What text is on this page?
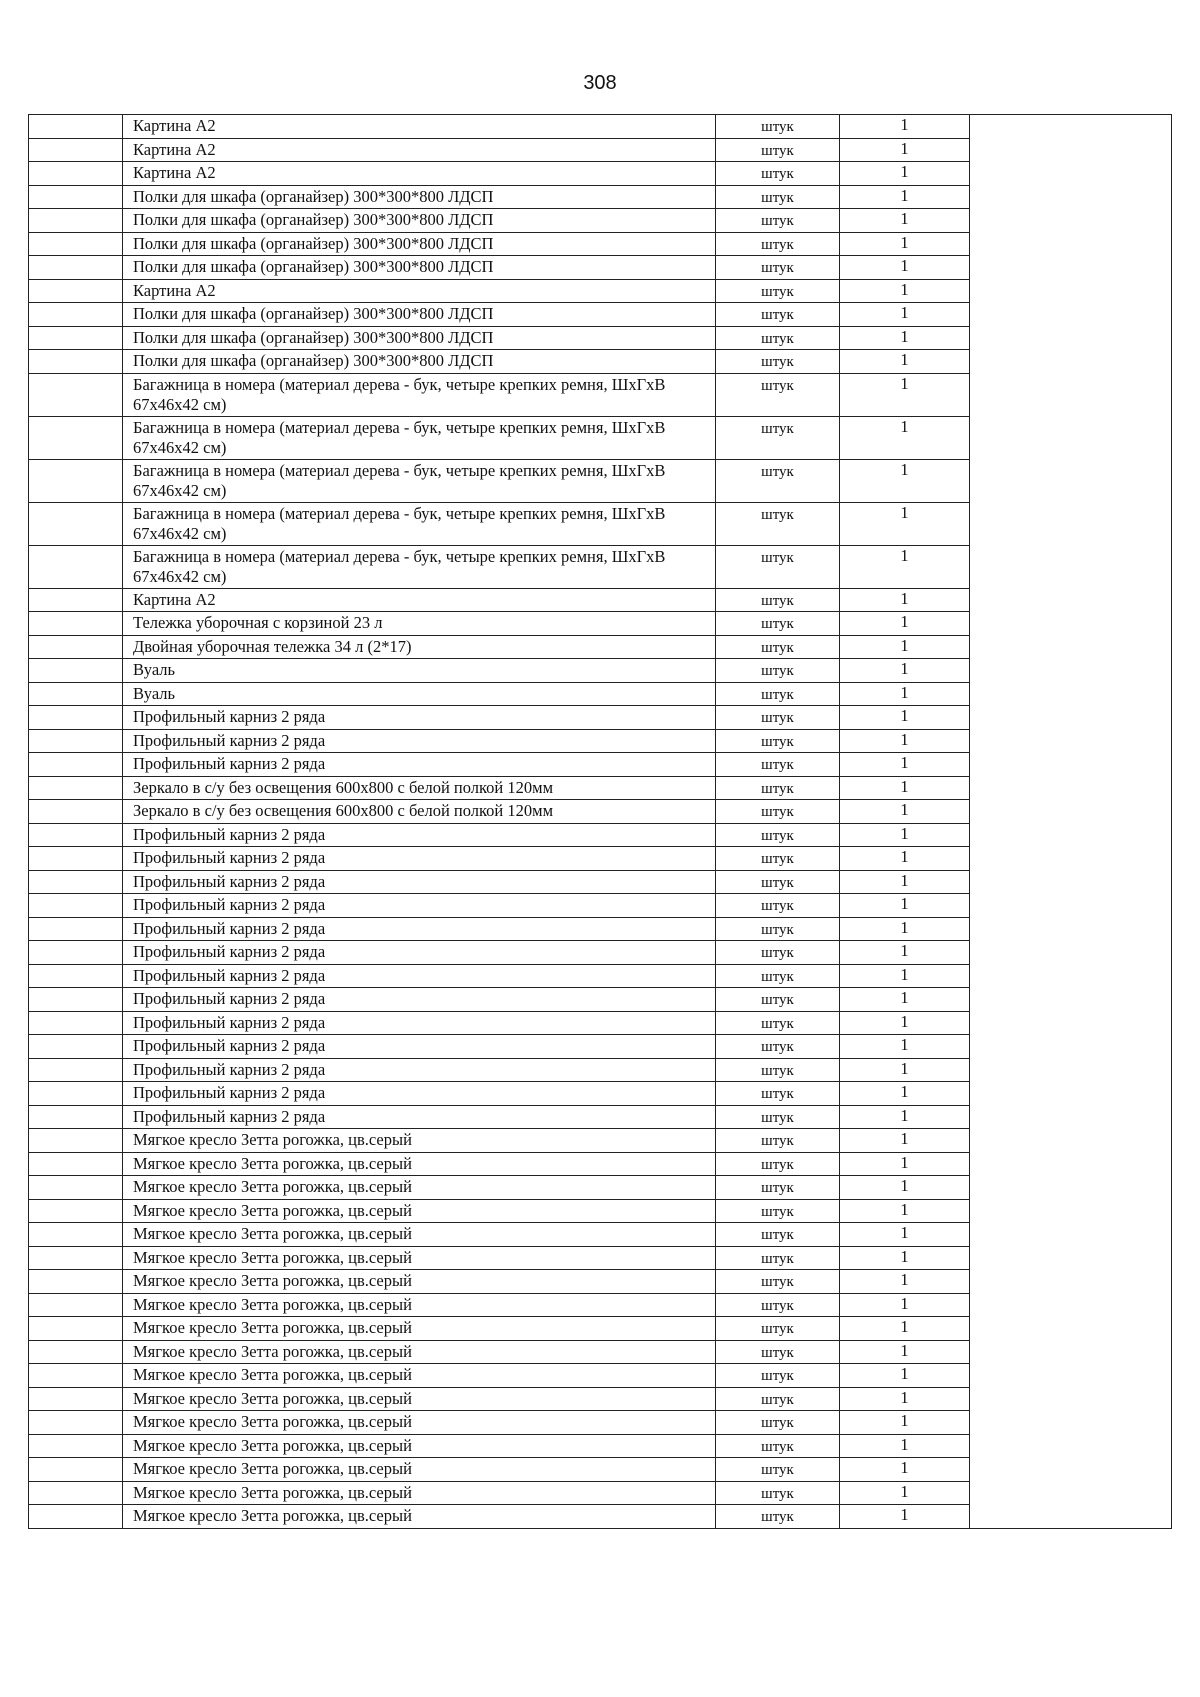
308
	Картина А2	штук	1	
	Картина А2	штук	1	
	Картина А2	штук	1	
	Полки для шкафа (органайзер) 300*300*800 ЛДСП	штук	1	
	Полки для шкафа (органайзер) 300*300*800 ЛДСП	штук	1	
	Полки для шкафа (органайзер) 300*300*800 ЛДСП	штук	1	
	Полки для шкафа (органайзер) 300*300*800 ЛДСП	штук	1	
	Картина А2	штук	1	
	Полки для шкафа (органайзер) 300*300*800 ЛДСП	штук	1	
	Полки для шкафа (органайзер) 300*300*800 ЛДСП	штук	1	
	Полки для шкафа (органайзер) 300*300*800 ЛДСП	штук	1	
	Багажница в номера (материал дерева - бук, четыре крепких ремня, ШхГхВ 67х46х42 см)	штук	1	
	Багажница в номера (материал дерева - бук, четыре крепких ремня, ШхГхВ 67х46х42 см)	штук	1	
	Багажница в номера (материал дерева - бук, четыре крепких ремня, ШхГхВ 67х46х42 см)	штук	1	
	Багажница в номера (материал дерева - бук, четыре крепких ремня, ШхГхВ 67х46х42 см)	штук	1	
	Багажница в номера (материал дерева - бук, четыре крепких ремня, ШхГхВ 67х46х42 см)	штук	1	
	Картина А2	штук	1	
	Тележка уборочная с корзиной 23 л	штук	1	
	Двойная уборочная тележка 34 л (2*17)	штук	1	
	Вуаль	штук	1	
	Вуаль	штук	1	
	Профильный карниз 2 ряда	штук	1	
	Профильный карниз 2 ряда	штук	1	
	Профильный карниз 2 ряда	штук	1	
	Зеркало в с/у без освещения 600х800 с белой полкой 120мм	штук	1	
	Зеркало в с/у без освещения 600х800 с белой полкой 120мм	штук	1	
	Профильный карниз 2 ряда	штук	1	
	Профильный карниз 2 ряда	штук	1	
	Профильный карниз 2 ряда	штук	1	
	Профильный карниз 2 ряда	штук	1	
	Профильный карниз 2 ряда	штук	1	
	Профильный карниз 2 ряда	штук	1	
	Профильный карниз 2 ряда	штук	1	
	Профильный карниз 2 ряда	штук	1	
	Профильный карниз 2 ряда	штук	1	
	Профильный карниз 2 ряда	штук	1	
	Профильный карниз 2 ряда	штук	1	
	Профильный карниз 2 ряда	штук	1	
	Профильный карниз 2 ряда	штук	1	
	Мягкое кресло Зетта рогожка, цв.серый	штук	1	
	Мягкое кресло Зетта рогожка, цв.серый	штук	1	
	Мягкое кресло Зетта рогожка, цв.серый	штук	1	
	Мягкое кресло Зетта рогожка, цв.серый	штук	1	
	Мягкое кресло Зетта рогожка, цв.серый	штук	1	
	Мягкое кресло Зетта рогожка, цв.серый	штук	1	
	Мягкое кресло Зетта рогожка, цв.серый	штук	1	
	Мягкое кресло Зетта рогожка, цв.серый	штук	1	
	Мягкое кресло Зетта рогожка, цв.серый	штук	1	
	Мягкое кресло Зетта рогожка, цв.серый	штук	1	
	Мягкое кресло Зетта рогожка, цв.серый	штук	1	
	Мягкое кресло Зетта рогожка, цв.серый	штук	1	
	Мягкое кресло Зетта рогожка, цв.серый	штук	1	
	Мягкое кресло Зетта рогожка, цв.серый	штук	1	
	Мягкое кресло Зетта рогожка, цв.серый	штук	1	
	Мягкое кресло Зетта рогожка, цв.серый	штук	1	
	Мягкое кресло Зетта рогожка, цв.серый	штук	1	
